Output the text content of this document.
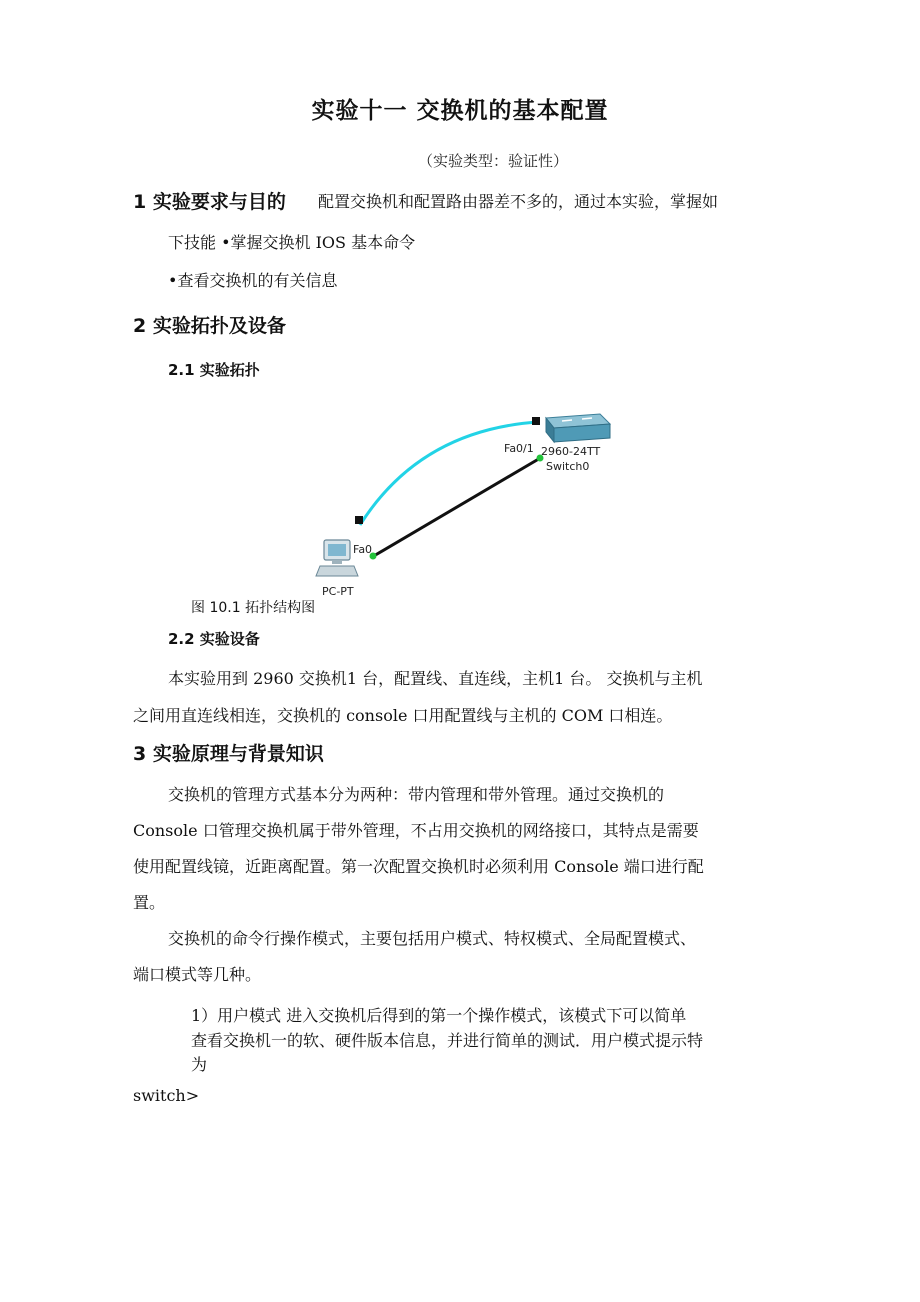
实验十一 交换机的基本配置
（实验类型：验证性）
1 实验要求与目的 配置交换机和配置路由器差不多的，通过本实验，掌握如
下技能 •掌握交换机 IOS 基本命令
•查看交换机的有关信息
2 实验拓扑及设备
2.1 实验拓扑
Fa0/1 2960-24TT
Switch0
Fa0
PC-PT
图 10.1 拓扑结构图
2.2 实验设备
本实验用到 2960 交换机1 台，配置线、直连线，主机1 台。 交换机与主机
之间用直连线相连，交换机的 console 口用配置线与主机的 COM 口相连。
3 实验原理与背景知识
交换机的管理方式基本分为两种：带内管理和带外管理。通过交换机的
Console 口管理交换机属于带外管理，不占用交换机的网络接口，其特点是需要
使用配置线镜，近距离配置。第一次配置交换机时必须利用 Console 端口进行配
置。
交换机的命令行操作模式，主要包括用户模式、特权模式、全局配置模式、
端口模式等几种。
1）用户模式 进入交换机后得到的第一个操作模式，该模式下可以简单
查看交换机一的软、硬件版本信息，并进行简单的测试．用户模式提示特
为
switch>
